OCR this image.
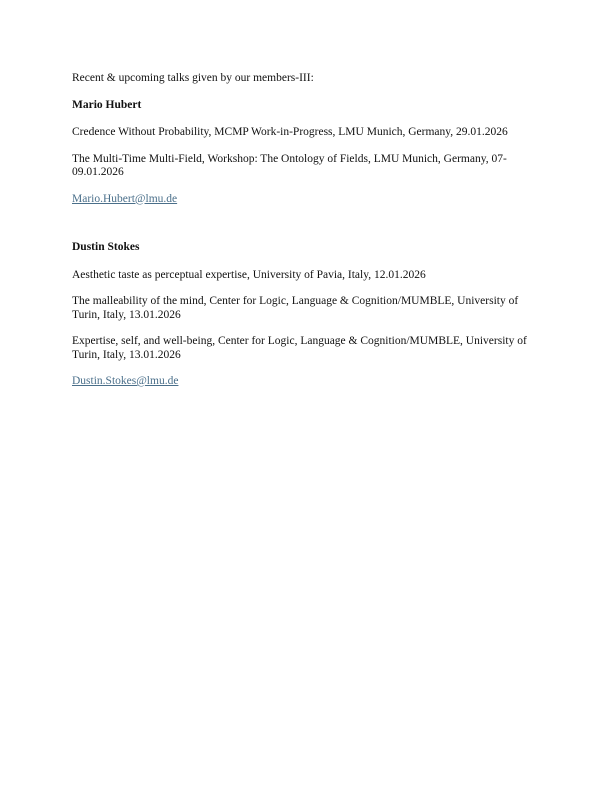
Recent & upcoming talks given by our members-III:

Mario Hubert

Credence Without Probability, MCMP Work-in-Progress, LMU Munich, Germany, 29.01.2026

The Multi-Time Multi-Field, Workshop: The Ontology of Fields, LMU Munich, Germany, 07-09.01.2026

Mario.Hubert@lmu.de

Dustin Stokes

Aesthetic taste as perceptual expertise, University of Pavia, Italy, 12.01.2026

The malleability of the mind, Center for Logic, Language & Cognition/MUMBLE, University of Turin, Italy, 13.01.2026

Expertise, self, and well-being, Center for Logic, Language & Cognition/MUMBLE, University of Turin, Italy, 13.01.2026

Dustin.Stokes@lmu.de
